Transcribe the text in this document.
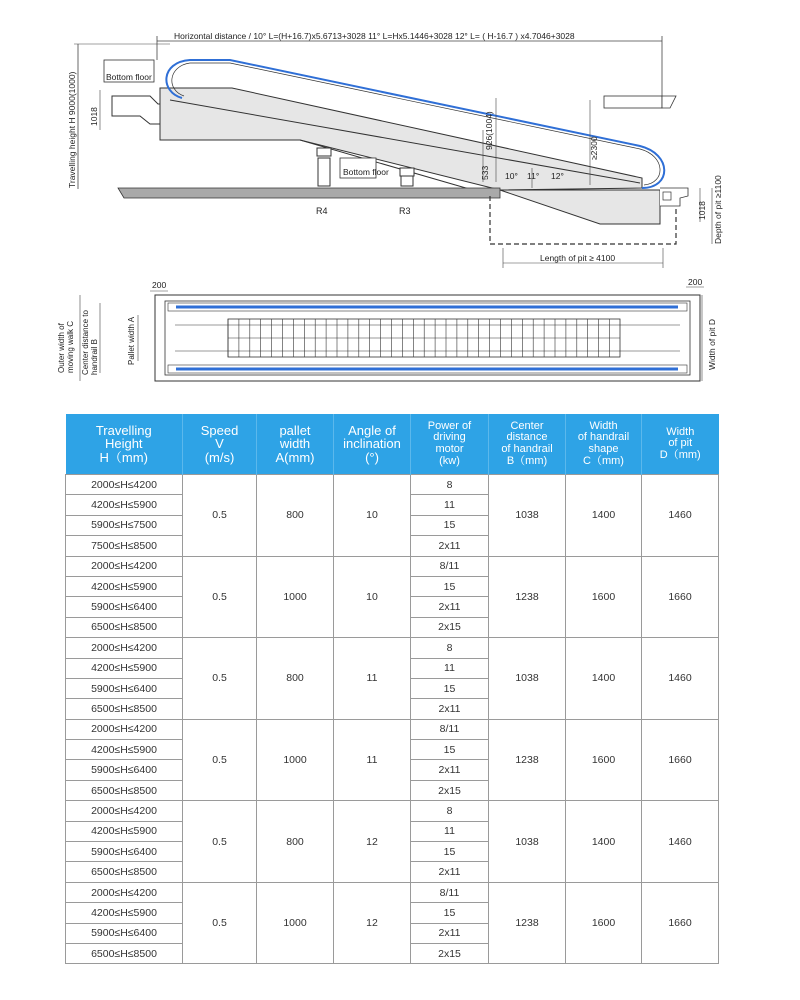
Horizontal distance / 10° L=(H+16.7)x5.6713+3028 11° L=Hx5.1446+3028 12° L= ( H-16.7 ) x4.7046+3028
Travelling height H 9000(1000) 1018
Bottom floor
≥2300
533
926(1004)
10° 11° 12°
Bottom floor
R4	R3	1018 Depth of pit ≥1100
Length of pit ≥ 4100
200	200
Outer width ofmoving walk C Center distance tohandrail B	Pallet width A	Width of pit D
Travelling
Height
H（mm)	Speed
V
(m/s)	pallet
width
A(mm)	Angle of
inclination
(°)	Power of
driving
motor
(kw)	Center
distance
of handrail
B（mm)	Width
of handrail
shape
C（mm)	Width
of pit
D（mm)

2000≤H≤4200	0.5	800	10	8	1038	1400	1460
4200≤H≤5900				11			
5900≤H≤7500				15			
7500≤H≤8500				2x11			
2000≤H≤4200	0.5	1000	10	8/11	1238	1600	1660
4200≤H≤5900				15			
5900≤H≤6400				2x11			
6500≤H≤8500				2x15			
2000≤H≤4200	0.5	800	11	8	1038	1400	1460
4200≤H≤5900				11			
5900≤H≤6400				15			
6500≤H≤8500				2x11			
2000≤H≤4200	0.5	1000	11	8/11	1238	1600	1660
4200≤H≤5900				15			
5900≤H≤6400				2x11			
6500≤H≤8500				2x15			
2000≤H≤4200	0.5	800	12	8	1038	1400	1460
4200≤H≤5900				11			
5900≤H≤6400				15			
6500≤H≤8500				2x11			
2000≤H≤4200	0.5	1000	12	8/11	1238	1600	1660
4200≤H≤5900				15			
5900≤H≤6400				2x11			
6500≤H≤8500				2x15			
